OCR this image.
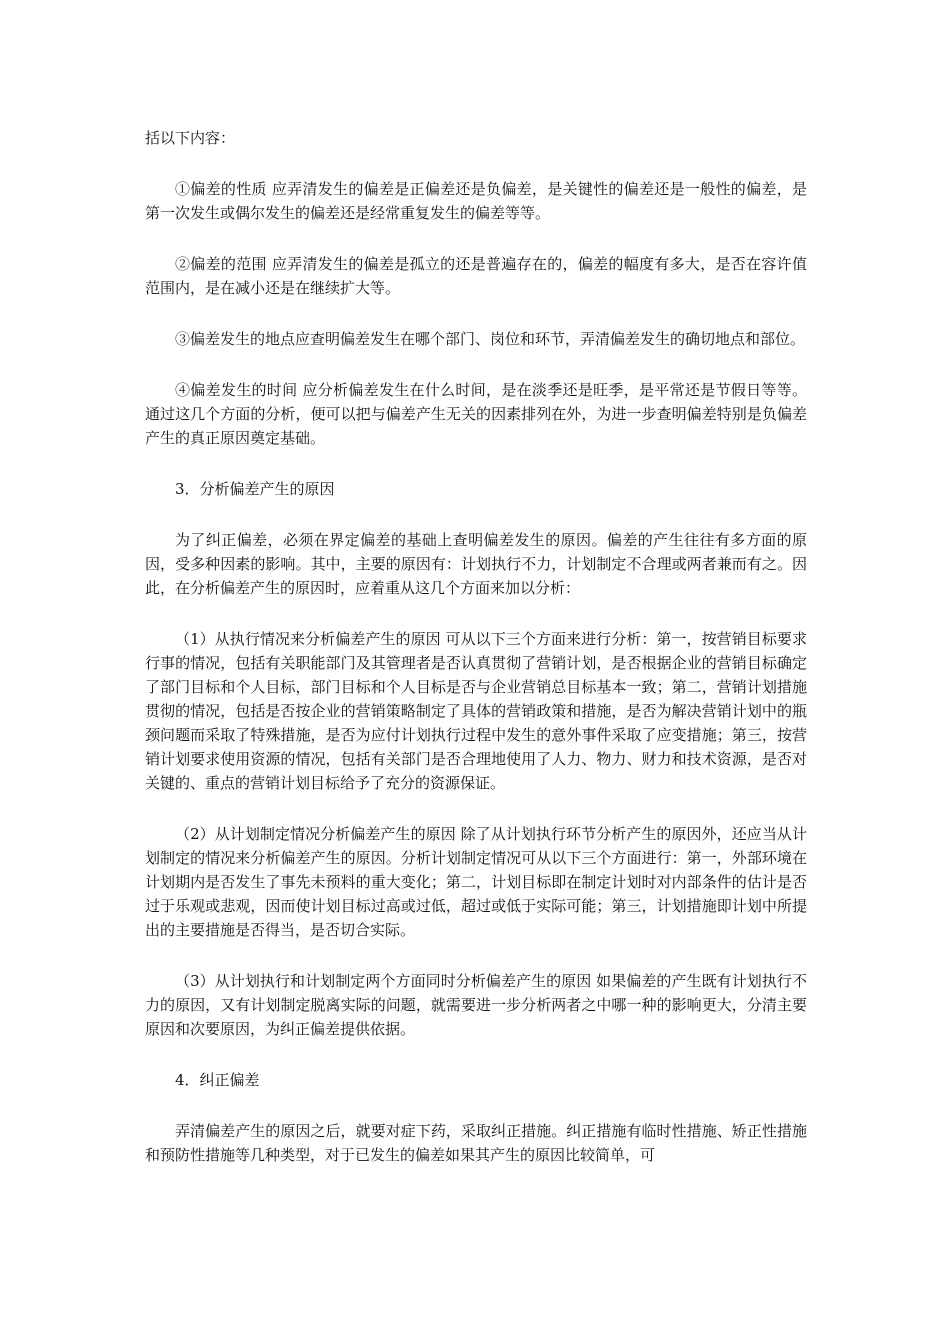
括以下内容：

①偏差的性质 应弄清发生的偏差是正偏差还是负偏差，是关键性的偏差还是一般性的偏差，是第一次发生或偶尔发生的偏差还是经常重复发生的偏差等等。

②偏差的范围 应弄清发生的偏差是孤立的还是普遍存在的，偏差的幅度有多大，是否在容许值范围内，是在减小还是在继续扩大等。

③偏差发生的地点应查明偏差发生在哪个部门、岗位和环节，弄清偏差发生的确切地点和部位。

④偏差发生的时间 应分析偏差发生在什么时间，是在淡季还是旺季，是平常还是节假日等等。通过这几个方面的分析，便可以把与偏差产生无关的因素排列在外，为进一步查明偏差特别是负偏差产生的真正原因奠定基础。

3．分析偏差产生的原因

为了纠正偏差，必须在界定偏差的基础上查明偏差发生的原因。偏差的产生往往有多方面的原因，受多种因素的影响。其中，主要的原因有：计划执行不力，计划制定不合理或两者兼而有之。因此，在分析偏差产生的原因时，应着重从这几个方面来加以分析：

（1）从执行情况来分析偏差产生的原因 可从以下三个方面来进行分析：第一，按营销目标要求行事的情况，包括有关职能部门及其管理者是否认真贯彻了营销计划，是否根据企业的营销目标确定了部门目标和个人目标，部门目标和个人目标是否与企业营销总目标基本一致；第二，营销计划措施贯彻的情况，包括是否按企业的营销策略制定了具体的营销政策和措施，是否为解决营销计划中的瓶颈问题而采取了特殊措施，是否为应付计划执行过程中发生的意外事件采取了应变措施；第三，按营销计划要求使用资源的情况，包括有关部门是否合理地使用了人力、物力、财力和技术资源，是否对关键的、重点的营销计划目标给予了充分的资源保证。

（2）从计划制定情况分析偏差产生的原因 除了从计划执行环节分析产生的原因外，还应当从计划制定的情况来分析偏差产生的原因。分析计划制定情况可从以下三个方面进行：第一，外部环境在计划期内是否发生了事先未预料的重大变化；第二，计划目标即在制定计划时对内部条件的估计是否过于乐观或悲观，因而使计划目标过高或过低，超过或低于实际可能；第三，计划措施即计划中所提出的主要措施是否得当，是否切合实际。

（3）从计划执行和计划制定两个方面同时分析偏差产生的原因 如果偏差的产生既有计划执行不力的原因，又有计划制定脱离实际的问题，就需要进一步分析两者之中哪一种的影响更大，分清主要原因和次要原因，为纠正偏差提供依据。

4．纠正偏差

弄清偏差产生的原因之后，就要对症下药，采取纠正措施。纠正措施有临时性措施、矫正性措施和预防性措施等几种类型，对于已发生的偏差如果其产生的原因比较简单，可
